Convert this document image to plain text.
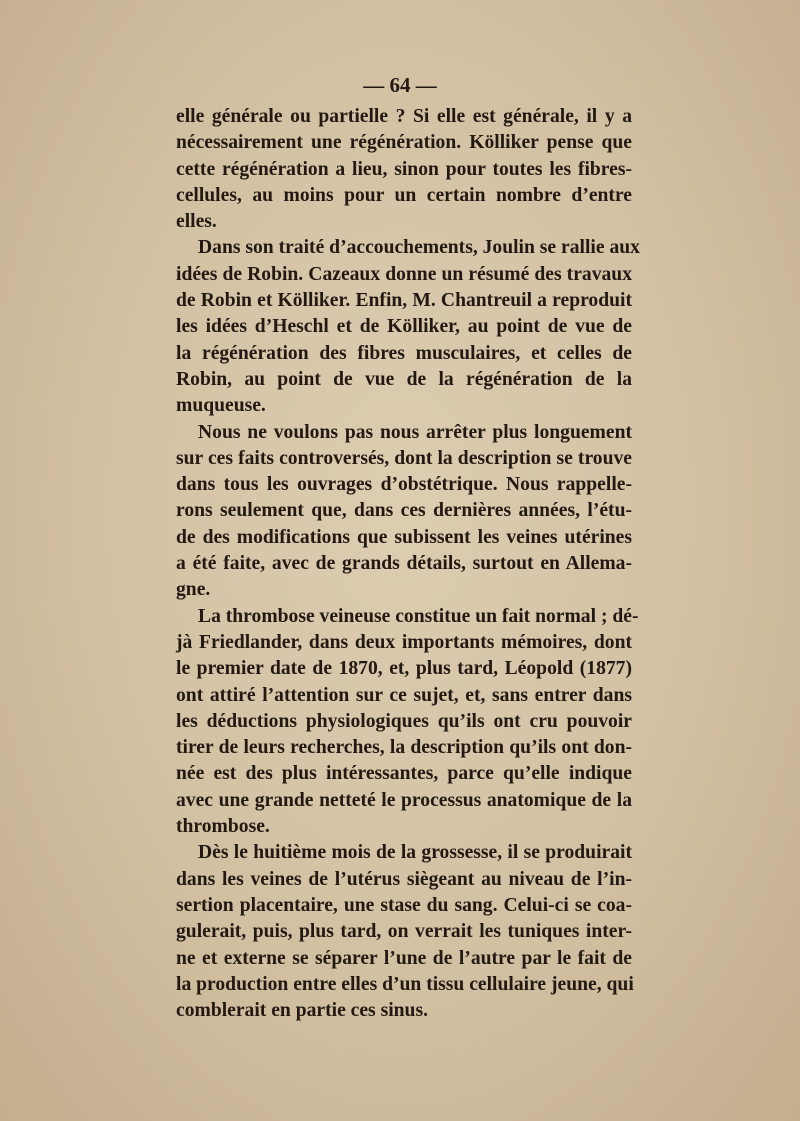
— 64 —
elle générale ou partielle ? Si elle est générale, il y a
nécessairement une régénération. Kölliker pense que
cette régénération a lieu, sinon pour toutes les fibres-
cellules, au moins pour un certain nombre d’entre
elles.
Dans son traité d’accouchements, Joulin se rallie aux
idées de Robin. Cazeaux donne un résumé des travaux
de Robin et Kölliker. Enfin, M. Chantreuil a reproduit
les idées d’Heschl et de Kölliker, au point de vue de
la régénération des fibres musculaires, et celles de
Robin, au point de vue de la régénération de la
muqueuse.
Nous ne voulons pas nous arrêter plus longuement
sur ces faits controversés, dont la description se trouve
dans tous les ouvrages d’obstétrique. Nous rappelle-
rons seulement que, dans ces dernières années, l’étu-
de des modifications que subissent les veines utérines
a été faite, avec de grands détails, surtout en Allema-
gne.
La thrombose veineuse constitue un fait normal ; dé-
jà Friedlander, dans deux importants mémoires, dont
le premier date de 1870, et, plus tard, Léopold (1877)
ont attiré l’attention sur ce sujet, et, sans entrer dans
les déductions physiologiques qu’ils ont cru pouvoir
tirer de leurs recherches, la description qu’ils ont don-
née est des plus intéressantes, parce qu’elle indique
avec une grande netteté le processus anatomique de la
thrombose.
Dès le huitième mois de la grossesse, il se produirait
dans les veines de l’utérus siègeant au niveau de l’in-
sertion placentaire, une stase du sang. Celui-ci se coa-
gulerait, puis, plus tard, on verrait les tuniques inter-
ne et externe se séparer l’une de l’autre par le fait de
la production entre elles d’un tissu cellulaire jeune, qui
comblerait en partie ces sinus.
